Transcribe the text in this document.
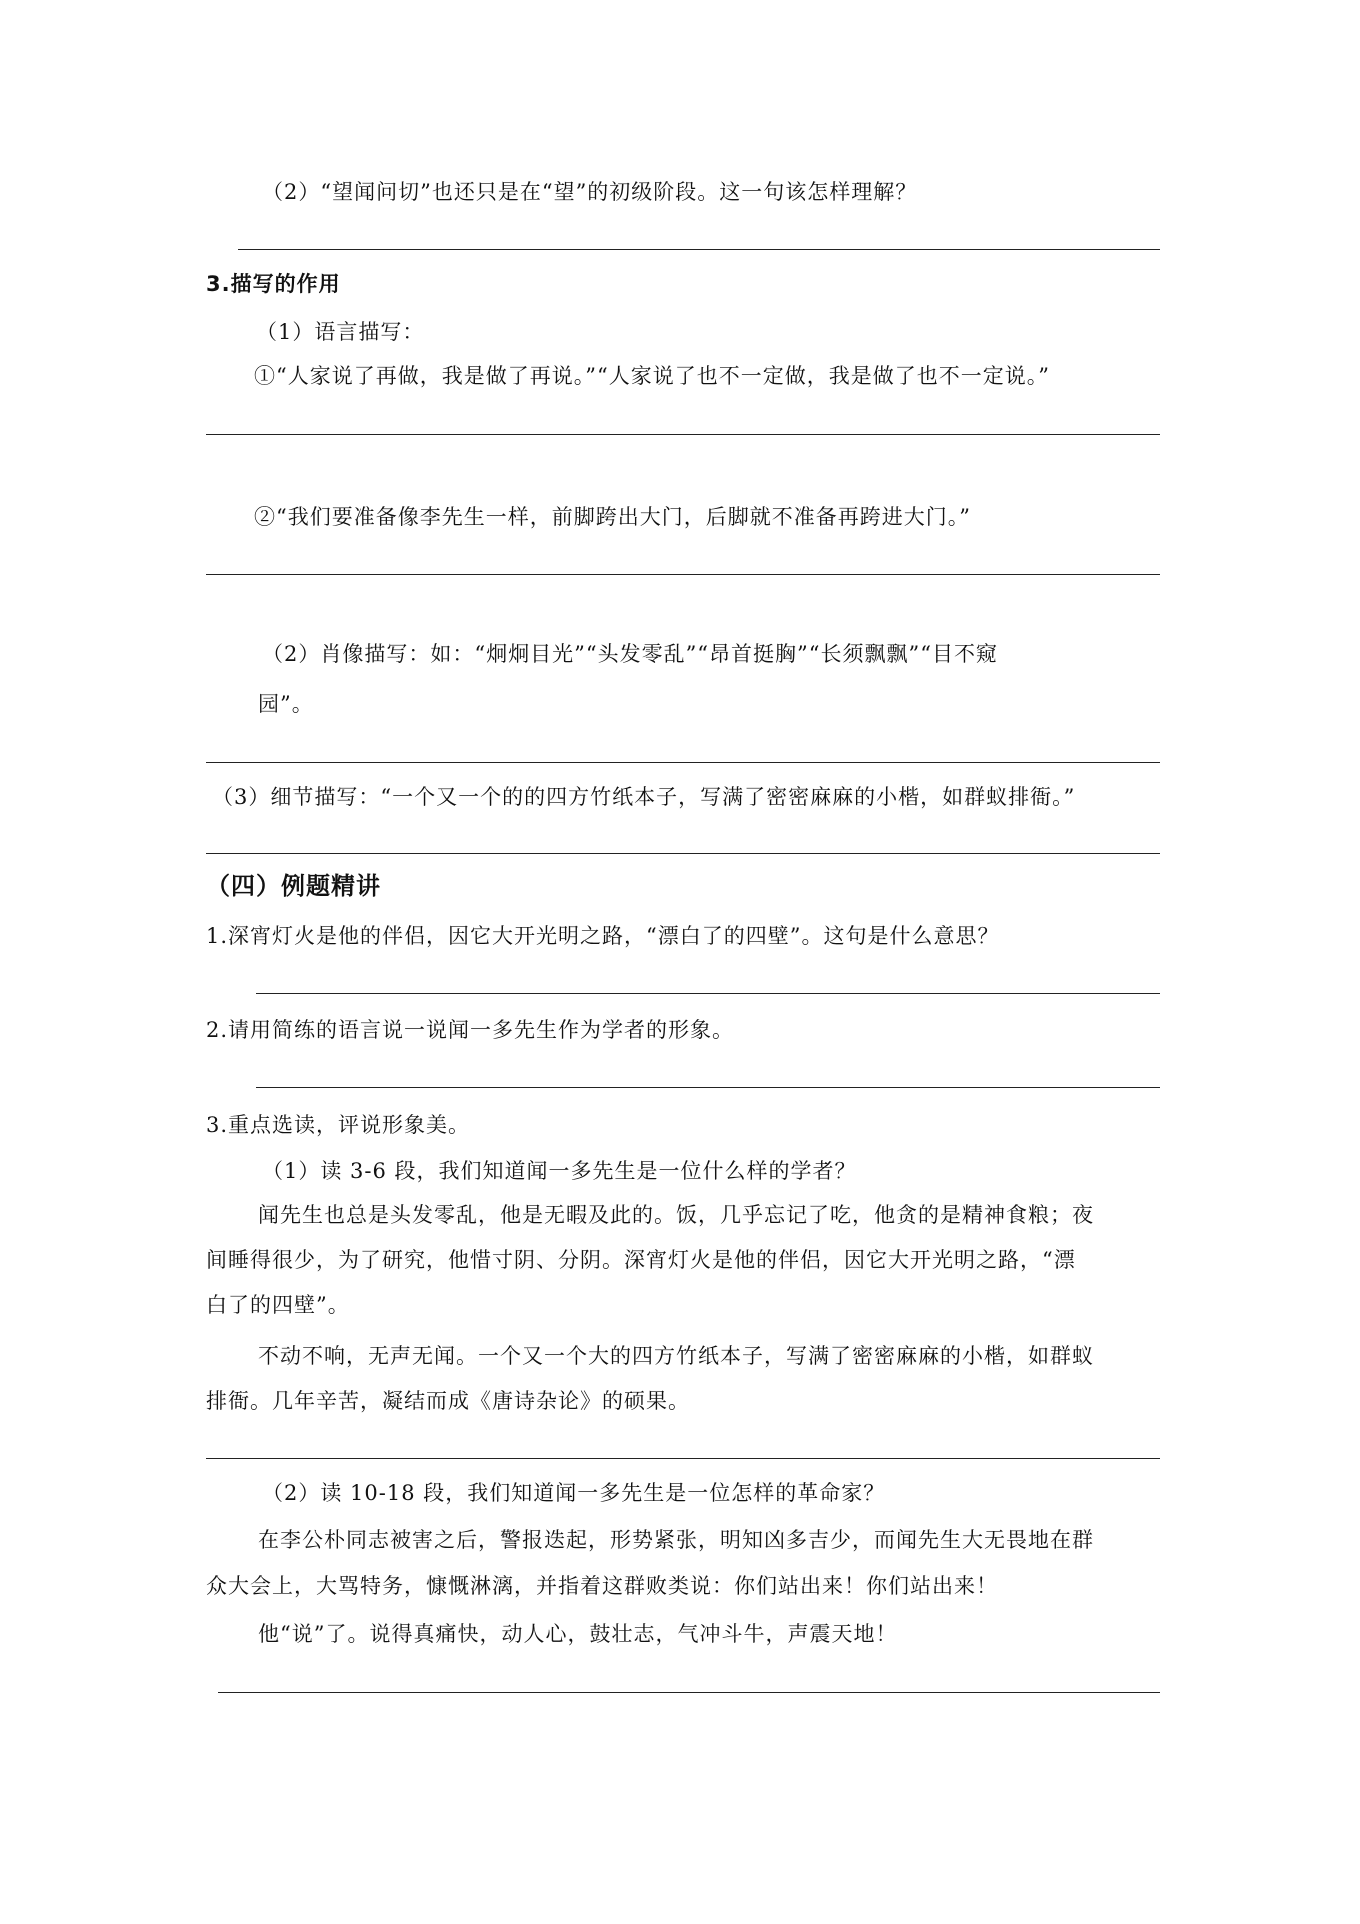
（2）“望闻问切”也还只是在“望”的初级阶段。这一句该怎样理解？
3.描写的作用
（1）语言描写：
①“人家说了再做，我是做了再说。”“人家说了也不一定做，我是做了也不一定说。”
②“我们要准备像李先生一样，前脚跨出大门，后脚就不准备再跨进大门。”
（2）肖像描写：如：“炯炯目光”“头发零乱”“昂首挺胸”“长须飘飘”“目不窥
园”。
（3）细节描写：“一个又一个的的四方竹纸本子，写满了密密麻麻的小楷，如群蚁排衙。”
（四）例题精讲
1.深宵灯火是他的伴侣，因它大开光明之路，“漂白了的四壁”。这句是什么意思？
2.请用简练的语言说一说闻一多先生作为学者的形象。
3.重点选读，评说形象美。
（1）读 3-6 段，我们知道闻一多先生是一位什么样的学者？
闻先生也总是头发零乱，他是无暇及此的。饭，几乎忘记了吃，他贪的是精神食粮；夜
间睡得很少，为了研究，他惜寸阴、分阴。深宵灯火是他的伴侣，因它大开光明之路，“漂
白了的四壁”。
不动不响，无声无闻。一个又一个大的四方竹纸本子，写满了密密麻麻的小楷，如群蚁
排衙。几年辛苦，凝结而成《唐诗杂论》的硕果。
（2）读 10-18 段，我们知道闻一多先生是一位怎样的革命家？
在李公朴同志被害之后，警报迭起，形势紧张，明知凶多吉少，而闻先生大无畏地在群
众大会上，大骂特务，慷慨淋漓，并指着这群败类说：你们站出来！你们站出来！
他“说”了。说得真痛快，动人心，鼓壮志，气冲斗牛，声震天地！
